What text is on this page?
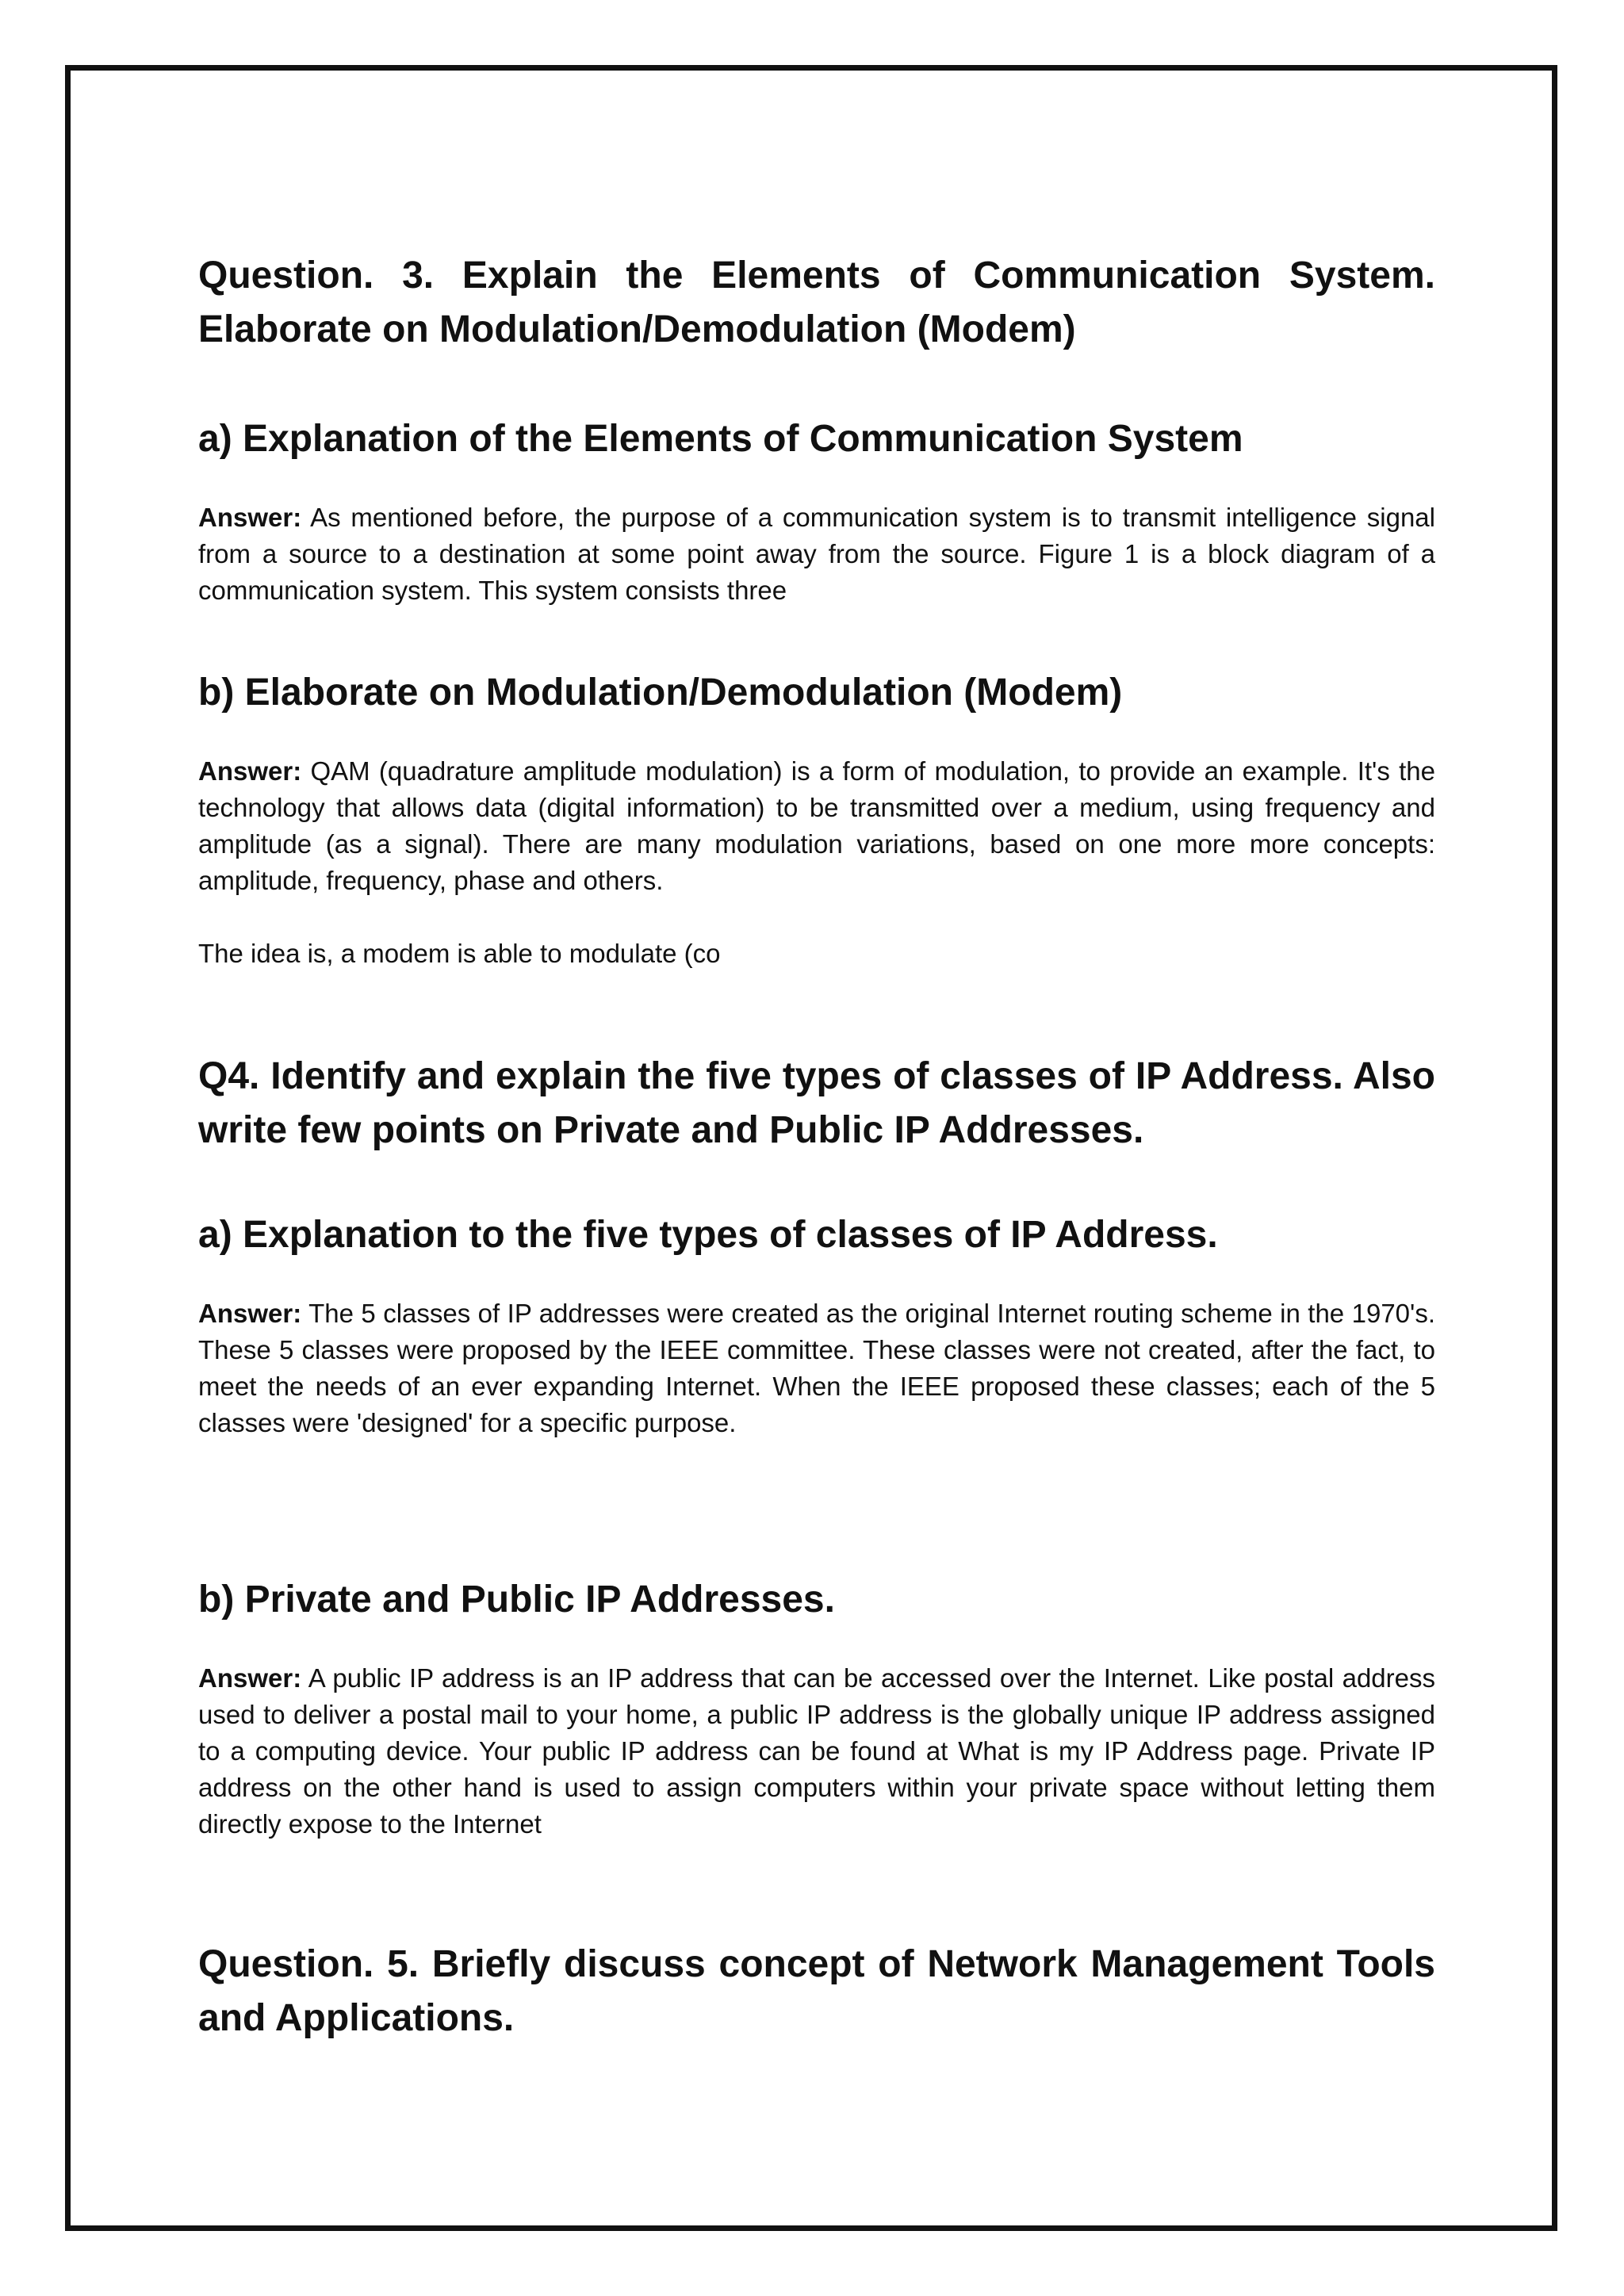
Question. 3. Explain the Elements of Communication System. Elaborate on Modulation/Demodulation (Modem)
a) Explanation of the Elements of Communication System

Answer: As mentioned before, the purpose of a communication system is to transmit intelligence signal from a source to a destination at some point away from the source. Figure 1 is a block diagram of a communication system. This system consists three

b) Elaborate on Modulation/Demodulation (Modem)

Answer: QAM (quadrature amplitude modulation) is a form of modulation, to provide an example. It's the technology that allows data (digital information) to be transmitted over a medium, using frequency and amplitude (as a signal). There are many modulation variations, based on one more more concepts: amplitude, frequency, phase and others.

The idea is, a modem is able to modulate (co

Q4. Identify and explain the five types of classes of IP Address. Also write few points on Private and Public IP Addresses.
a) Explanation to the five types of classes of IP Address.

Answer: The 5 classes of IP addresses were created as the original Internet routing scheme in the 1970's. These 5 classes were proposed by the IEEE committee. These classes were not created, after the fact, to meet the needs of an ever expanding Internet. When the IEEE proposed these classes; each of the 5 classes were 'designed' for a specific purpose.

b) Private and Public IP Addresses.

Answer: A public IP address is an IP address that can be accessed over the Internet. Like postal address used to deliver a postal mail to your home, a public IP address is the globally unique IP address assigned to a computing device. Your public IP address can be found at What is my IP Address page. Private IP address on the other hand is used to assign computers within your private space without letting them directly expose to the Internet

Question. 5. Briefly discuss concept of Network Management Tools and Applications.
